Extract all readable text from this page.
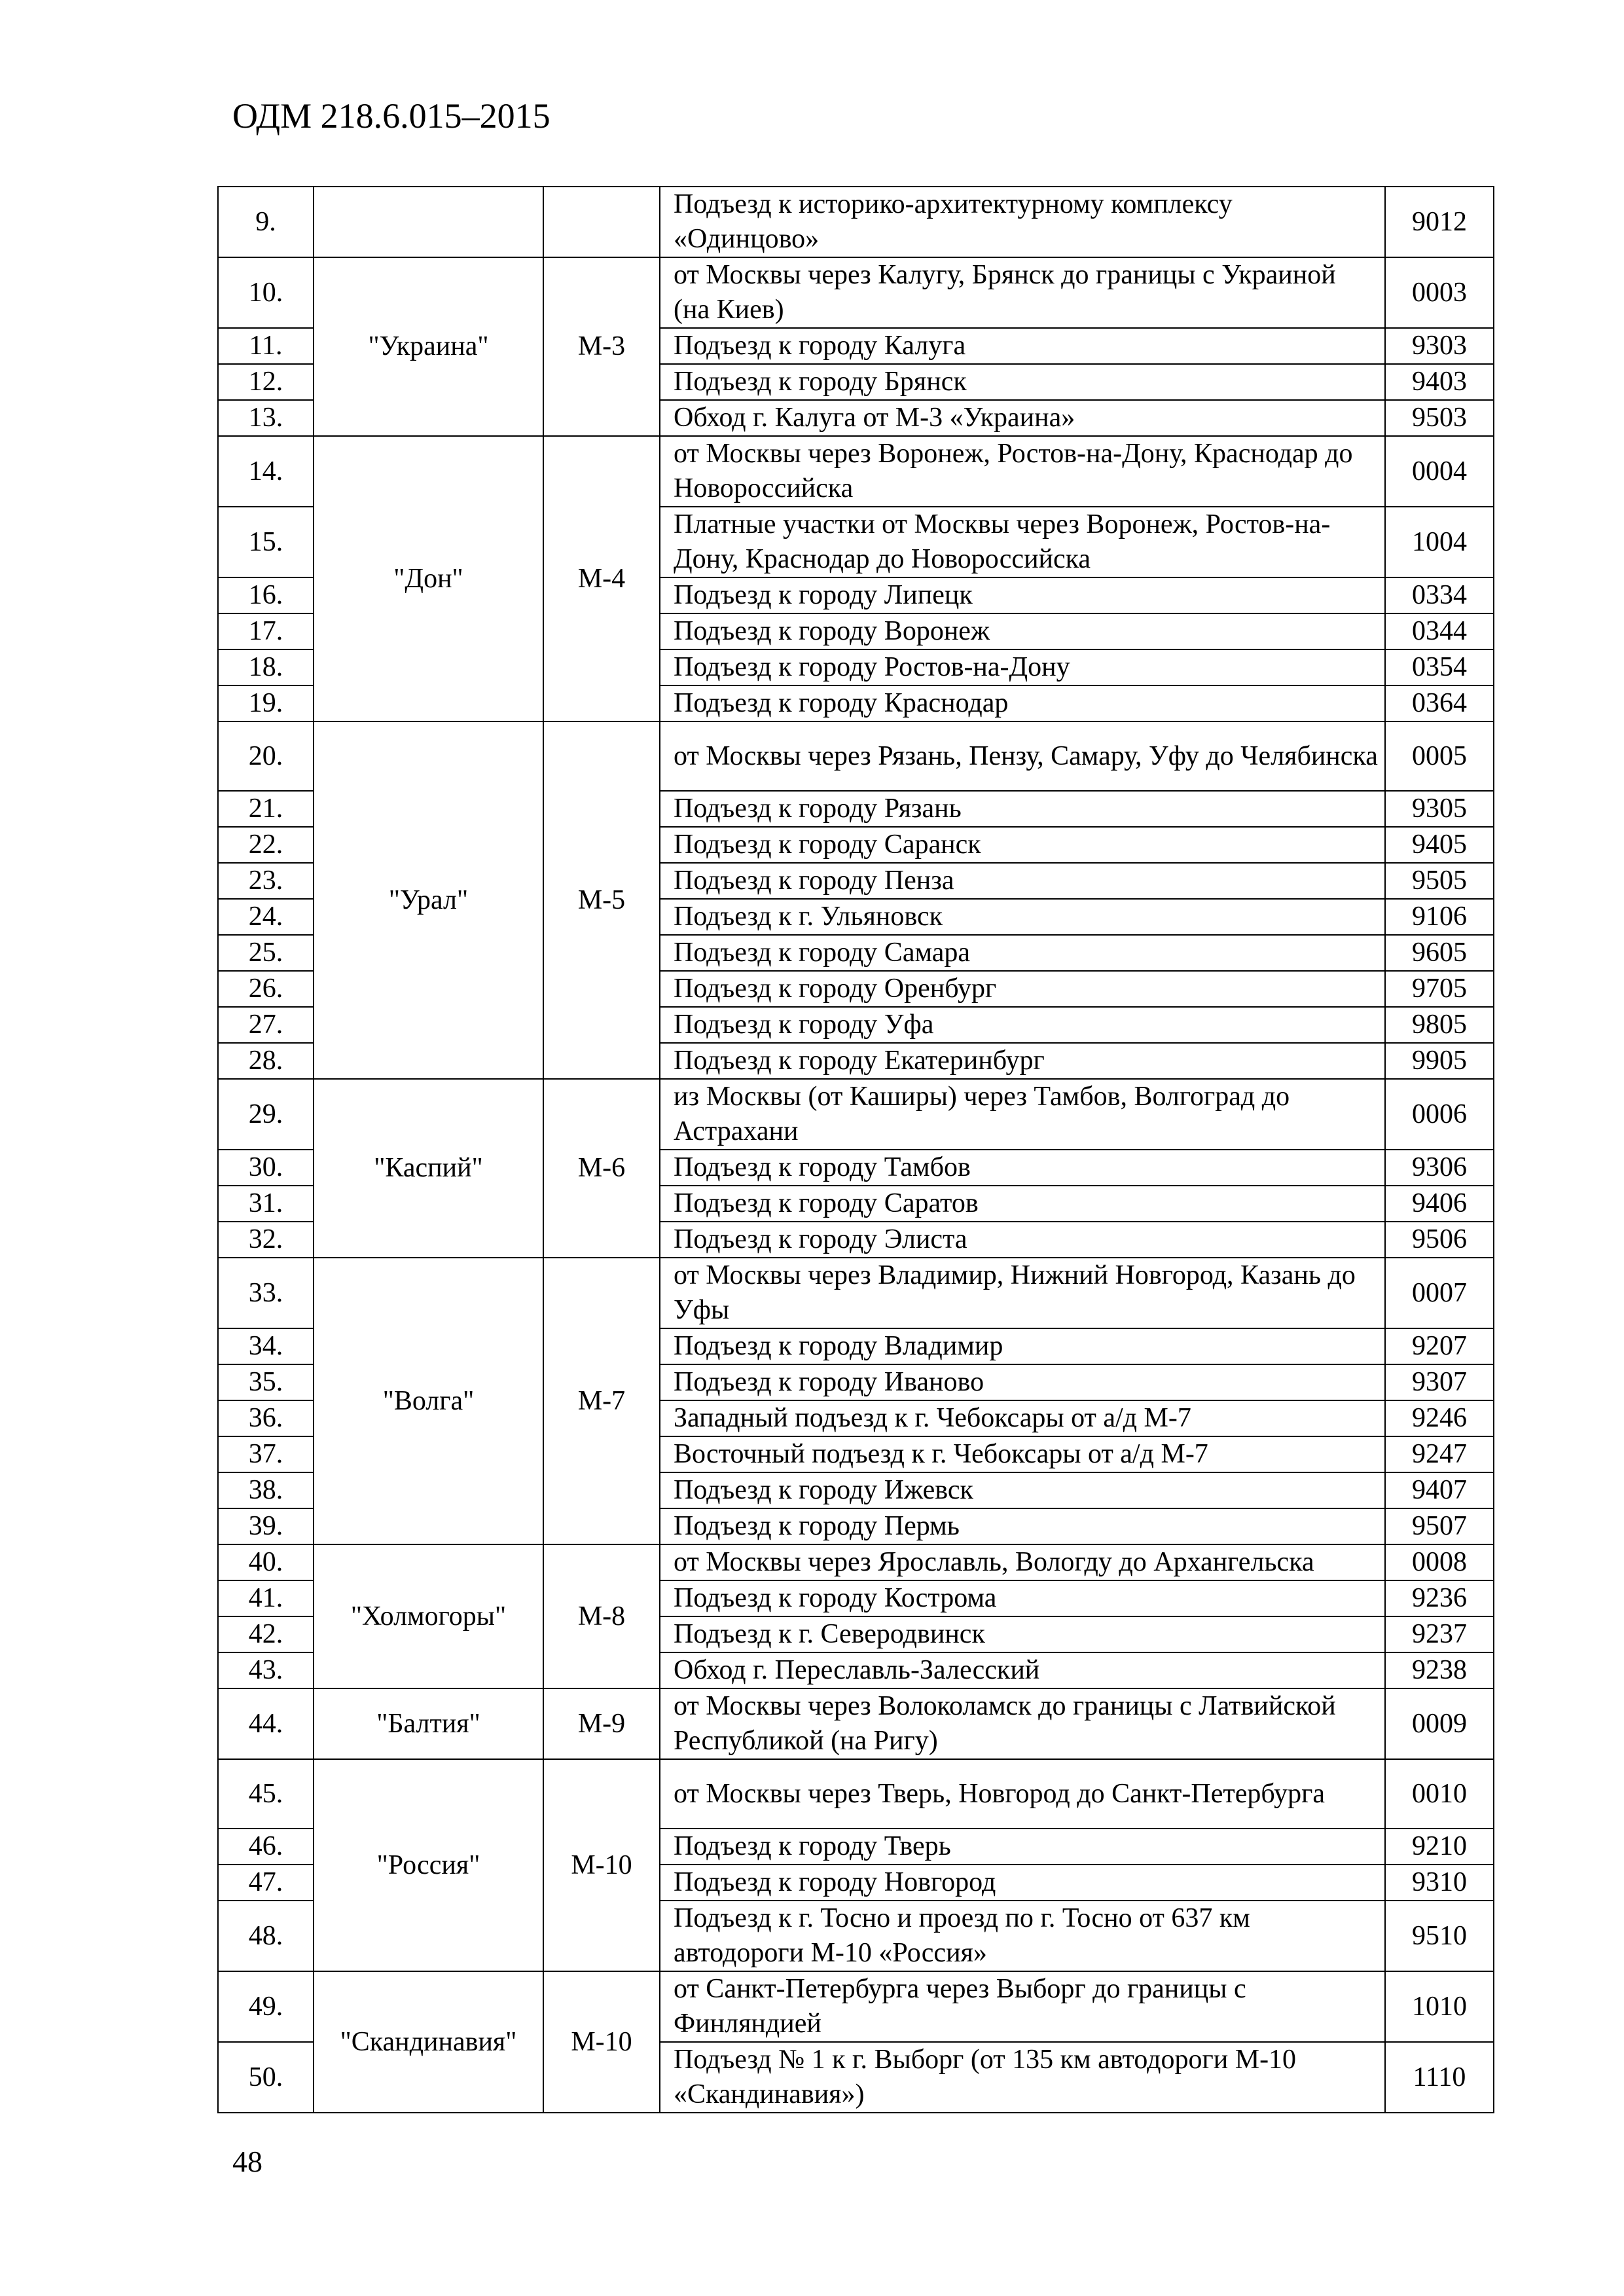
ОДМ 218.6.015–2015
9.			Подъезд к историко-архитектурному комплексу «Одинцово»	9012
10.	"Украина"	М-3	от Москвы через Калугу, Брянск до границы с Украиной (на Киев)	0003
11.			Подъезд к городу Калуга	9303
12.			Подъезд к городу Брянск	9403
13.			Обход г. Калуга от М-3 «Украина»	9503
14.	"Дон"	М-4	от Москвы через Воронеж, Ростов-на-Дону, Краснодар до Новороссийска	0004
15.			Платные участки от Москвы через Воронеж, Ростов-на-Дону, Краснодар до Новороссийска	1004
16.			Подъезд к городу Липецк	0334
17.			Подъезд к городу Воронеж	0344
18.			Подъезд к городу Ростов-на-Дону	0354
19.			Подъезд к городу Краснодар	0364
20.	"Урал"	М-5	от Москвы через Рязань, Пензу, Самару, Уфу до Челябинска	0005
21.			Подъезд к городу Рязань	9305
22.			Подъезд к городу Саранск	9405
23.			Подъезд к городу Пенза	9505
24.			Подъезд к г. Ульяновск	9106
25.			Подъезд к городу Самара	9605
26.			Подъезд к городу Оренбург	9705
27.			Подъезд к городу Уфа	9805
28.			Подъезд к городу Екатеринбург	9905
29.	"Каспий"	М-6	из Москвы (от Каширы) через Тамбов, Волгоград до Астрахани	0006
30.			Подъезд к городу Тамбов	9306
31.			Подъезд к городу Саратов	9406
32.			Подъезд к городу Элиста	9506
33.	"Волга"	М-7	от Москвы через Владимир, Нижний Новгород, Казань до Уфы	0007
34.			Подъезд к городу Владимир	9207
35.			Подъезд к городу Иваново	9307
36.			Западный подъезд к г. Чебоксары от а/д М-7	9246
37.			Восточный подъезд к г. Чебоксары от а/д М-7	9247
38.			Подъезд к городу Ижевск	9407
39.			Подъезд к городу Пермь	9507
40.	"Холмогоры"	М-8	от Москвы через Ярославль, Вологду до Архангельска	0008
41.			Подъезд к городу Кострома	9236
42.			Подъезд к г. Северодвинск	9237
43.			Обход г. Переславль-Залесский	9238
44.	"Балтия"	М-9	от Москвы через Волоколамск до границы с Латвийской Республикой (на Ригу)	0009
45.	"Россия"	М-10	от Москвы через Тверь, Новгород до Санкт-Петербурга	0010
46.			Подъезд к городу Тверь	9210
47.			Подъезд к городу Новгород	9310
48.			Подъезд к г. Тосно и проезд по г. Тосно от 637 км автодороги М-10 «Россия»	9510
49.	"Скандинавия"	М-10	от Санкт-Петербурга через Выборг до границы с Финляндией	1010
50.			Подъезд № 1 к г. Выборг (от 135 км автодороги М-10 «Скандинавия»)	1110
48
